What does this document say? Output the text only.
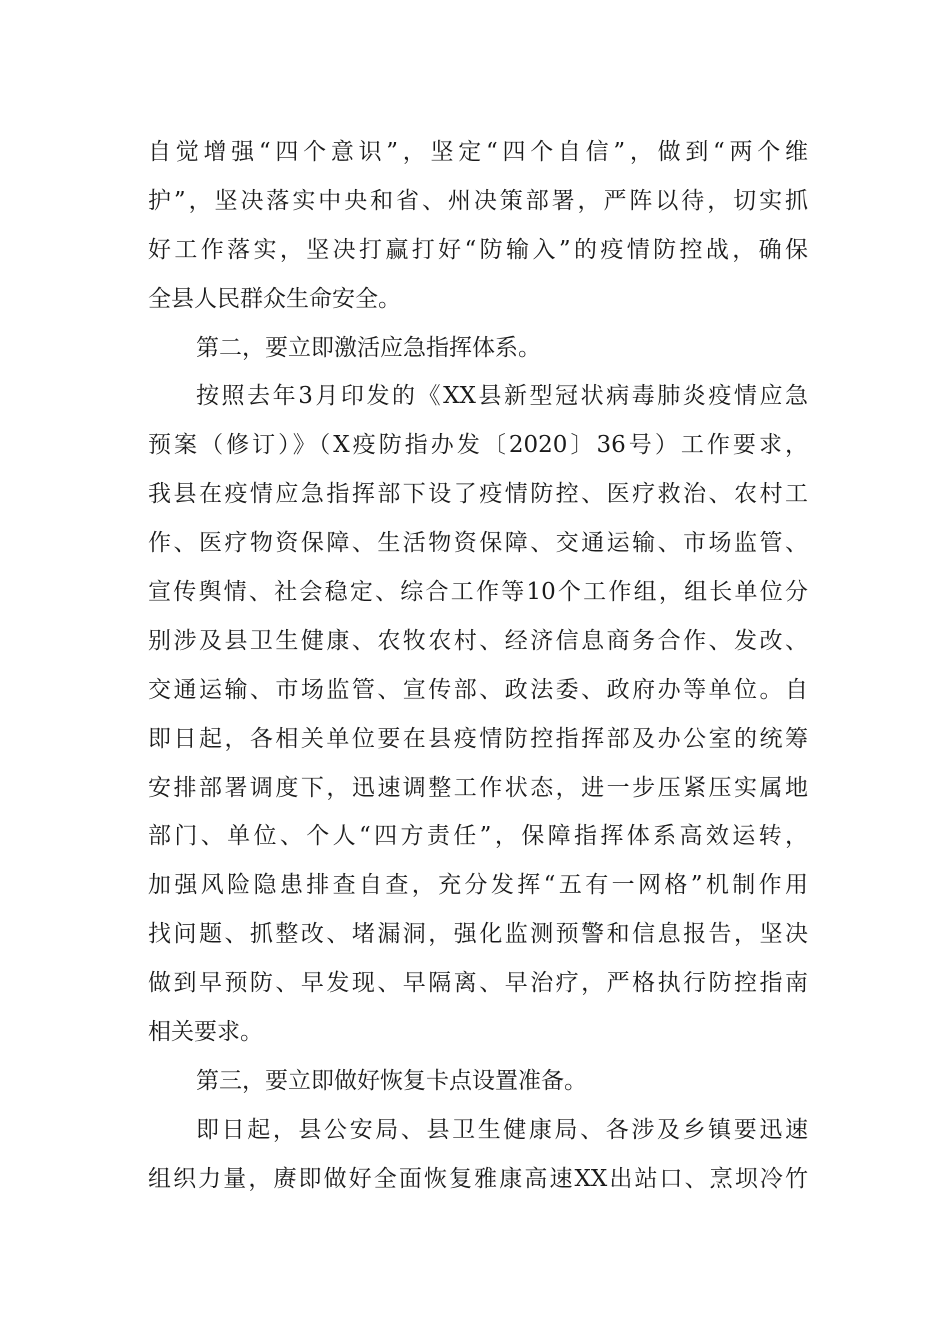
自觉增强“四个意识”，坚定“四个自信”，做到“两个维
护”，坚决落实中央和省、州决策部署，严阵以待，切实抓
好工作落实，坚决打赢打好“防输入”的疫情防控战，确保
全县人民群众生命安全。
第二，要立即激活应急指挥体系。
按照去年3月印发的《XX县新型冠状病毒肺炎疫情应急
预案（修订）》（X疫防指办发〔2020〕36号）工作要求，
我县在疫情应急指挥部下设了疫情防控、医疗救治、农村工
作、医疗物资保障、生活物资保障、交通运输、市场监管、
宣传舆情、社会稳定、综合工作等10个工作组，组长单位分
别涉及县卫生健康、农牧农村、经济信息商务合作、发改、
交通运输、市场监管、宣传部、政法委、政府办等单位。自
即日起，各相关单位要在县疫情防控指挥部及办公室的统筹
安排部署调度下，迅速调整工作状态，进一步压紧压实属地
部门、单位、个人“四方责任”，保障指挥体系高效运转，
加强风险隐患排查自查，充分发挥“五有一网格”机制作用
找问题、抓整改、堵漏洞，强化监测预警和信息报告，坚决
做到早预防、早发现、早隔离、早治疗，严格执行防控指南
相关要求。
第三，要立即做好恢复卡点设置准备。
即日起，县公安局、县卫生健康局、各涉及乡镇要迅速
组织力量，赓即做好全面恢复雅康高速XX出站口、烹坝冷竹
